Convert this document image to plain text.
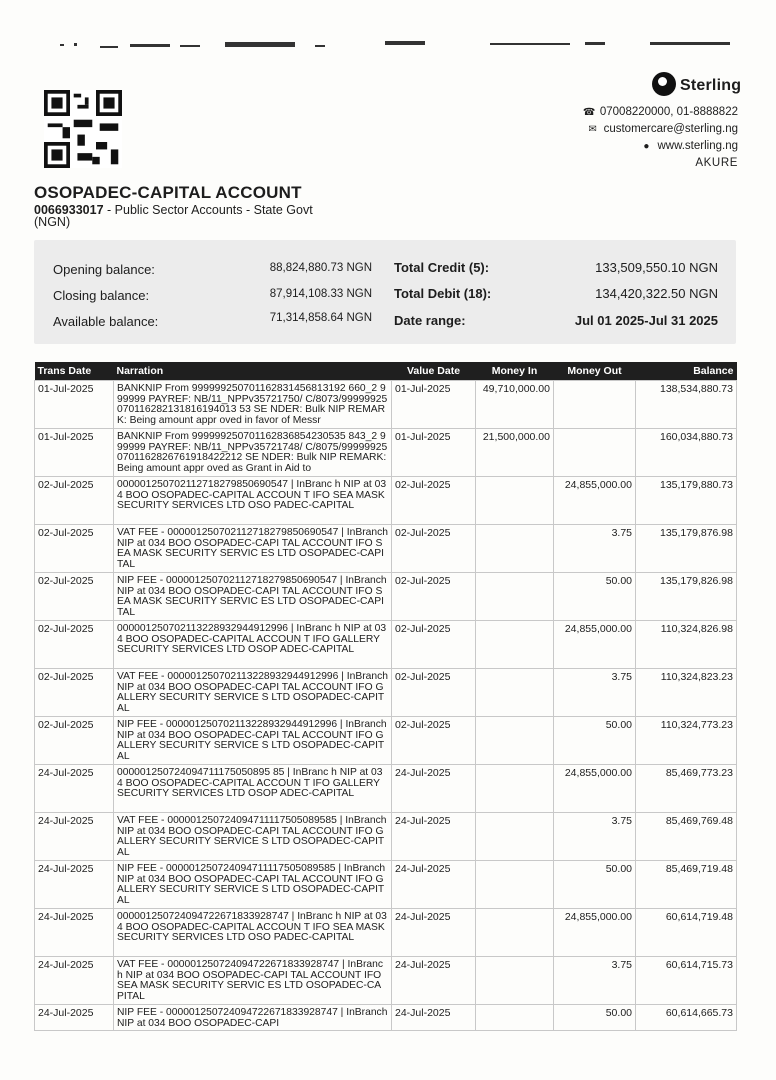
Sterling
☎ 07008220000, 01-8888822
✉ customercare@sterling.ng
● www.sterling.ng
AKURE
OSOPADEC-CAPITAL ACCOUNT
0066933017 - Public Sector Accounts - State Govt
(NGN)
Opening balance:	88,824,880.73 NGN
Closing balance:	87,914,108.33 NGN
Available balance:	71,314,858.64 NGN
Total Credit (5):	133,509,550.10 NGN
Total Debit (18):	134,420,322.50 NGN
Date range:	Jul 01 2025-Jul 31 2025
Trans Date	Narration	Value Date	Money In	Money Out	Balance
01-Jul-2025	BANKNIP From 999999250701162831456813192 660_2 999999 PAYREF: NB/11_NPPv35721750/ C/8073/99999925070116282131816194013 53 SE NDER: Bulk NIP REMARK: Being amount appr oved in favor of Messr	01-Jul-2025	49,710,000.00		138,534,880.73
01-Jul-2025	BANKNIP From 999999250701162836854230535 843_2 999999 PAYREF: NB/11_NPPv35721748/ C/8075/999999250701162826761918422212 SE NDER: Bulk NIP REMARK: Being amount appr oved as Grant in Aid to	01-Jul-2025	21,500,000.00		160,034,880.73
02-Jul-2025	000001250702112718279850690547 | InBranc h NIP at 034 BOO OSOPADEC-CAPITAL ACCOUN T IFO SEA MASK SECURITY SERVICES LTD OSO PADEC-CAPITAL	02-Jul-2025		24,855,000.00	135,179,880.73
02-Jul-2025	VAT FEE - 000001250702112718279850690547 | InBranch NIP at 034 BOO OSOPADEC-CAPI TAL ACCOUNT IFO SEA MASK SECURITY SERVIC ES LTD OSOPADEC-CAPITAL	02-Jul-2025		3.75	135,179,876.98
02-Jul-2025	NIP FEE - 000001250702112718279850690547 | InBranch NIP at 034 BOO OSOPADEC-CAPI TAL ACCOUNT IFO SEA MASK SECURITY SERVIC ES LTD OSOPADEC-CAPITAL	02-Jul-2025		50.00	135,179,826.98
02-Jul-2025	000001250702113228932944912996 | InBranc h NIP at 034 BOO OSOPADEC-CAPITAL ACCOUN T IFO GALLERY SECURITY SERVICES LTD OSOP ADEC-CAPITAL	02-Jul-2025		24,855,000.00	110,324,826.98
02-Jul-2025	VAT FEE - 000001250702113228932944912996 | InBranch NIP at 034 BOO OSOPADEC-CAPI TAL ACCOUNT IFO GALLERY SECURITY SERVICE S LTD OSOPADEC-CAPITAL	02-Jul-2025		3.75	110,324,823.23
02-Jul-2025	NIP FEE - 000001250702113228932944912996 | InBranch NIP at 034 BOO OSOPADEC-CAPI TAL ACCOUNT IFO GALLERY SECURITY SERVICE S LTD OSOPADEC-CAPITAL	02-Jul-2025		50.00	110,324,773.23
24-Jul-2025	000001250724094711175050895 85 | InBranc h NIP at 034 BOO OSOPADEC-CAPITAL ACCOUN T IFO GALLERY SECURITY SERVICES LTD OSOP ADEC-CAPITAL	24-Jul-2025		24,855,000.00	85,469,773.23
24-Jul-2025	VAT FEE - 000001250724094711117505089585 | InBranch NIP at 034 BOO OSOPADEC-CAPI TAL ACCOUNT IFO GALLERY SECURITY SERVICE S LTD OSOPADEC-CAPITAL	24-Jul-2025		3.75	85,469,769.48
24-Jul-2025	NIP FEE - 000001250724094711117505089585 | InBranch NIP at 034 BOO OSOPADEC-CAPI TAL ACCOUNT IFO GALLERY SECURITY SERVICE S LTD OSOPADEC-CAPITAL	24-Jul-2025		50.00	85,469,719.48
24-Jul-2025	000001250724094722671833928747 | InBranc h NIP at 034 BOO OSOPADEC-CAPITAL ACCOUN T IFO SEA MASK SECURITY SERVICES LTD OSO PADEC-CAPITAL	24-Jul-2025		24,855,000.00	60,614,719.48
24-Jul-2025	VAT FEE - 000001250724094722671833928747 | InBranch NIP at 034 BOO OSOPADEC-CAPI TAL ACCOUNT IFO SEA MASK SECURITY SERVIC ES LTD OSOPADEC-CAPITAL	24-Jul-2025		3.75	60,614,715.73
24-Jul-2025	NIP FEE - 000001250724094722671833928747 | InBranch NIP at 034 BOO OSOPADEC-CAPI	24-Jul-2025		50.00	60,614,665.73
